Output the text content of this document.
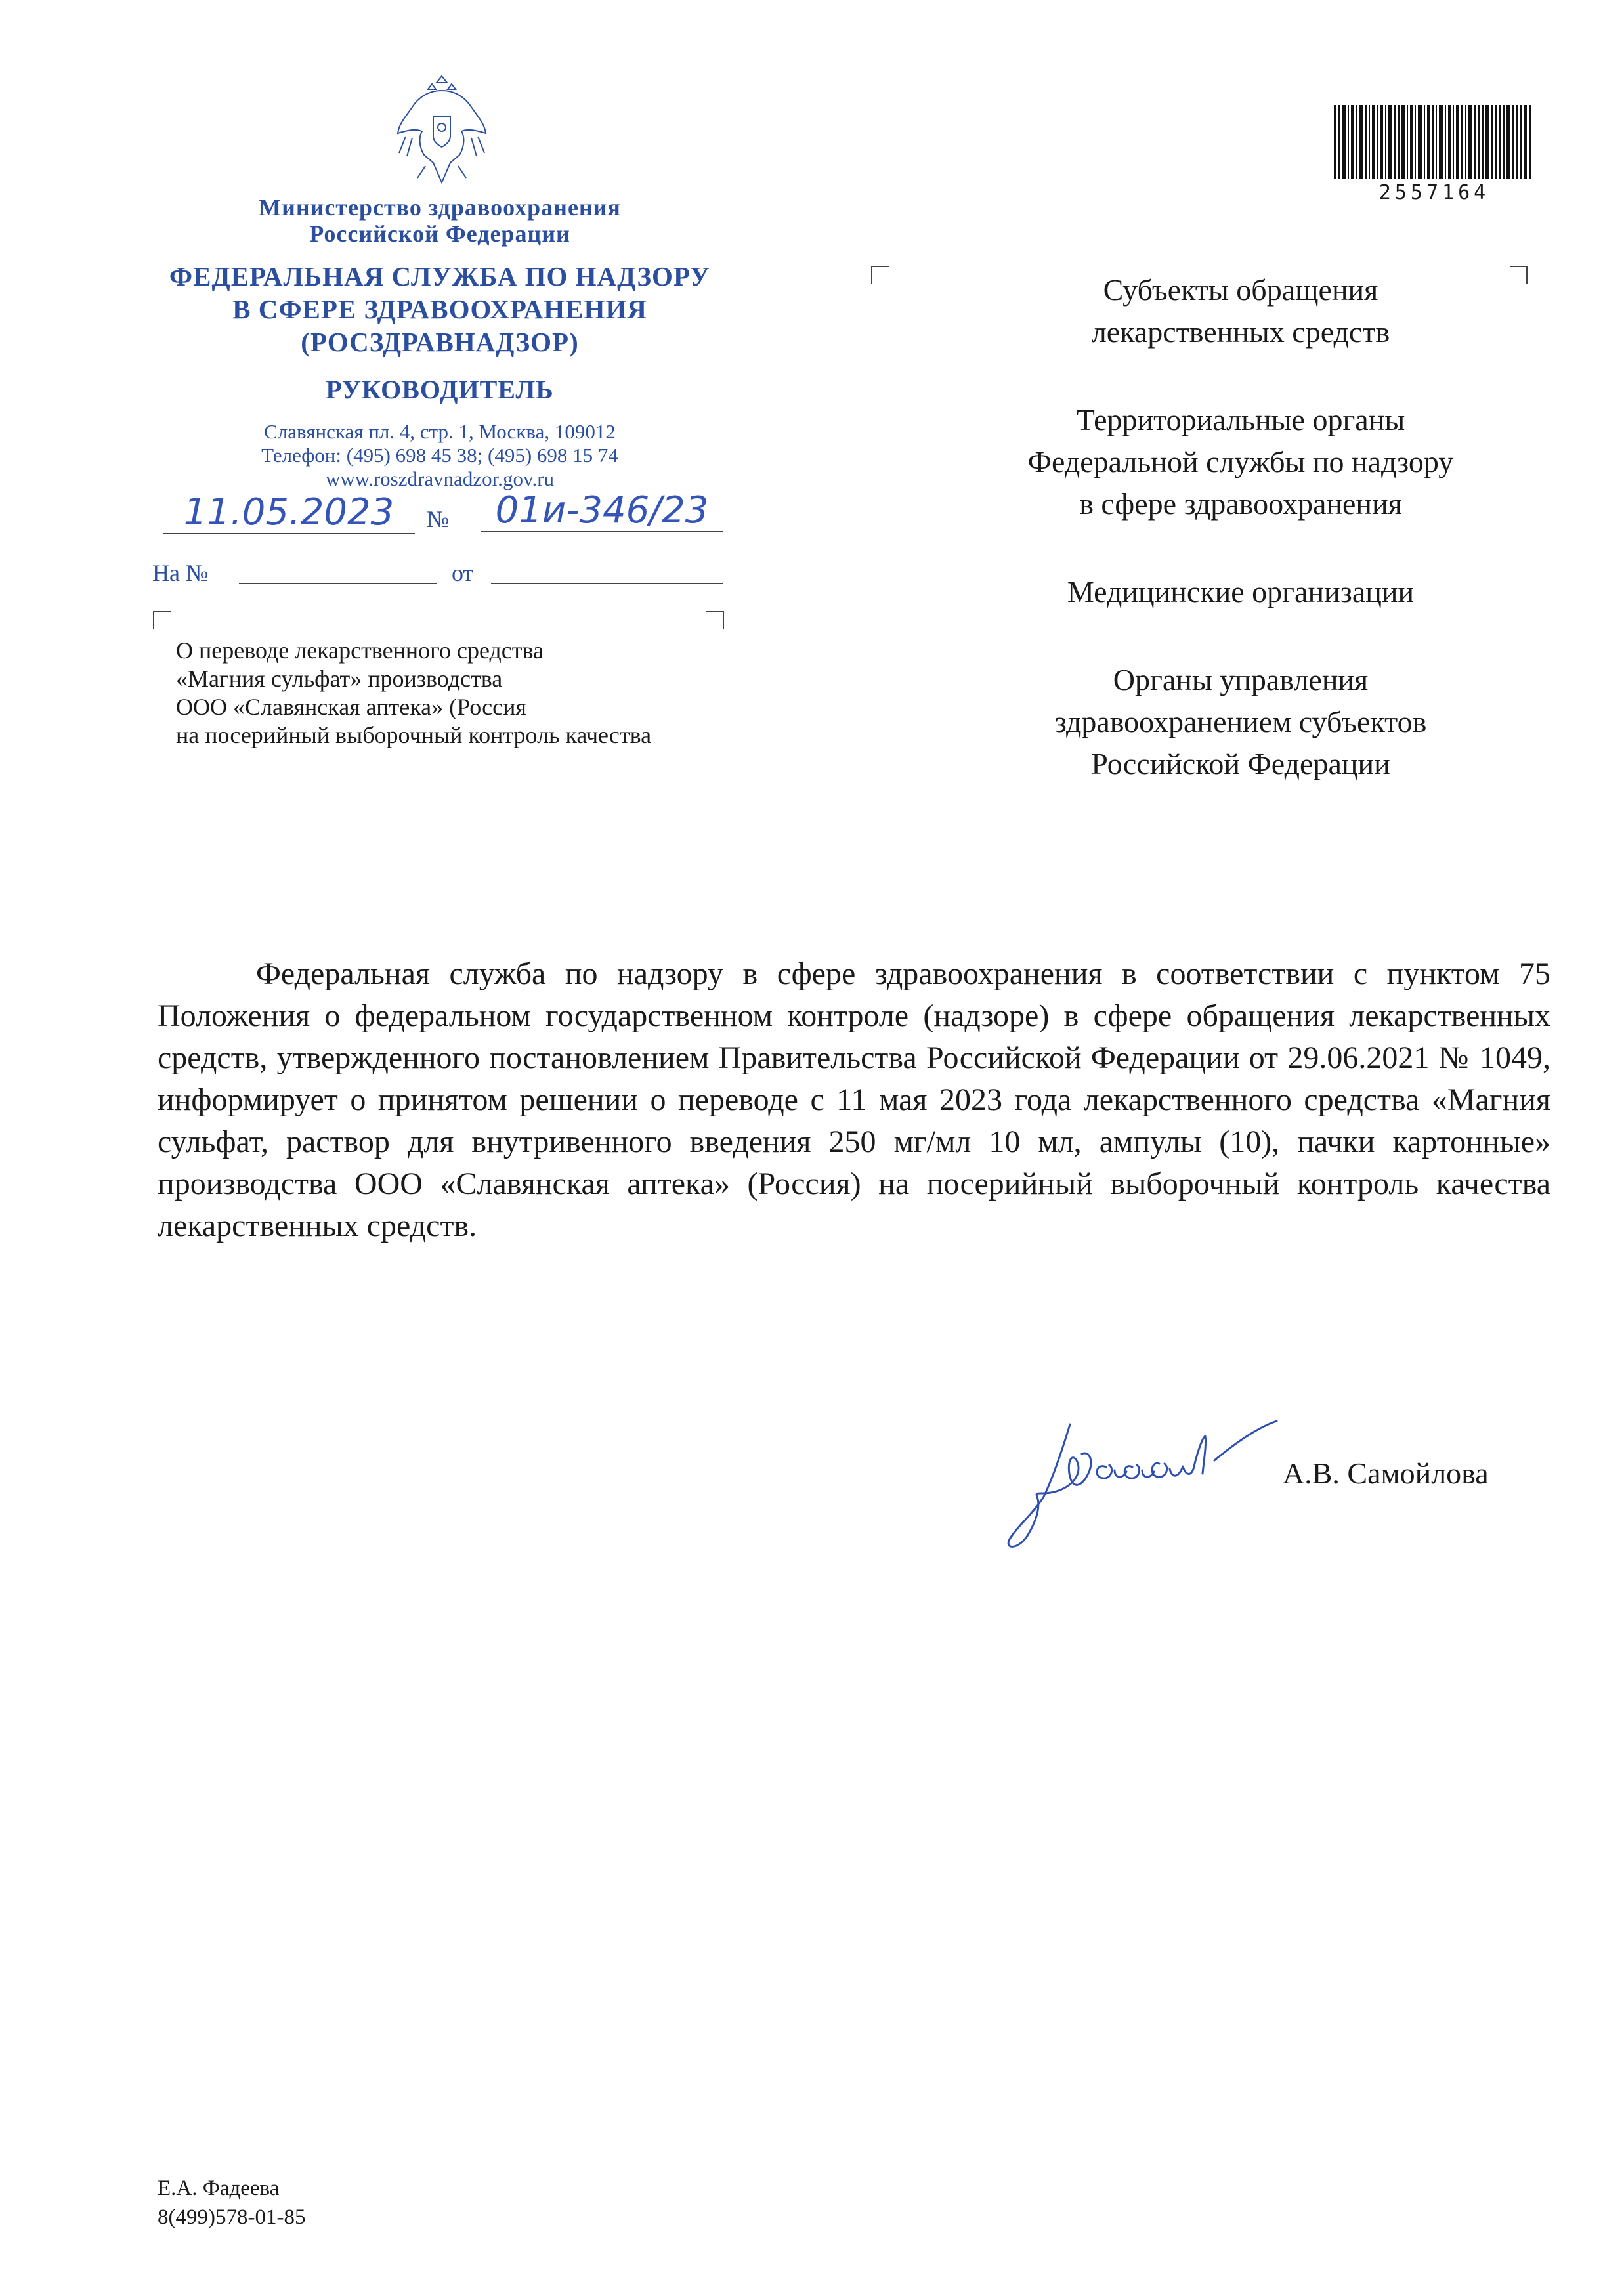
Министерство здравоохранения
Российской Федерации
ФЕДЕРАЛЬНАЯ СЛУЖБА ПО НАДЗОРУ
В СФЕРЕ ЗДРАВООХРАНЕНИЯ
(РОСЗДРАВНАДЗОР)
РУКОВОДИТЕЛЬ
Славянская пл. 4, стр. 1, Москва, 109012
Телефон: (495) 698 45 38; (495) 698 15 74
www.roszdravnadzor.gov.ru
11.05.2023	№	01и-346/23
На №	от
О переводе лекарственного средства
«Магния сульфат» производства
ООО «Славянская аптека» (Россия
на посерийный выборочный контроль качества
2557164

Субъекты обращения
лекарственных средств

Территориальные органы
Федеральной службы по надзору
в сфере здравоохранения

Медицинские организации

Органы управления
здравоохранением субъектов
Российской Федерации

Федеральная служба по надзору в сфере здравоохранения в соответствии с пунктом 75 Положения о федеральном государственном контроле (надзоре) в сфере обращения лекарственных средств, утвержденного постановлением Правительства Российской Федерации от 29.06.2021 № 1049, информирует о принятом решении о переводе с 11 мая 2023 года лекарственного средства «Магния сульфат, раствор для внутривенного введения 250 мг/мл 10 мл, ампулы (10), пачки картонные» производства ООО «Славянская аптека» (Россия) на посерийный выборочный контроль качества лекарственных средств.

А.В. Самойлова
Е.А. Фадеева
8(499)578-01-85
